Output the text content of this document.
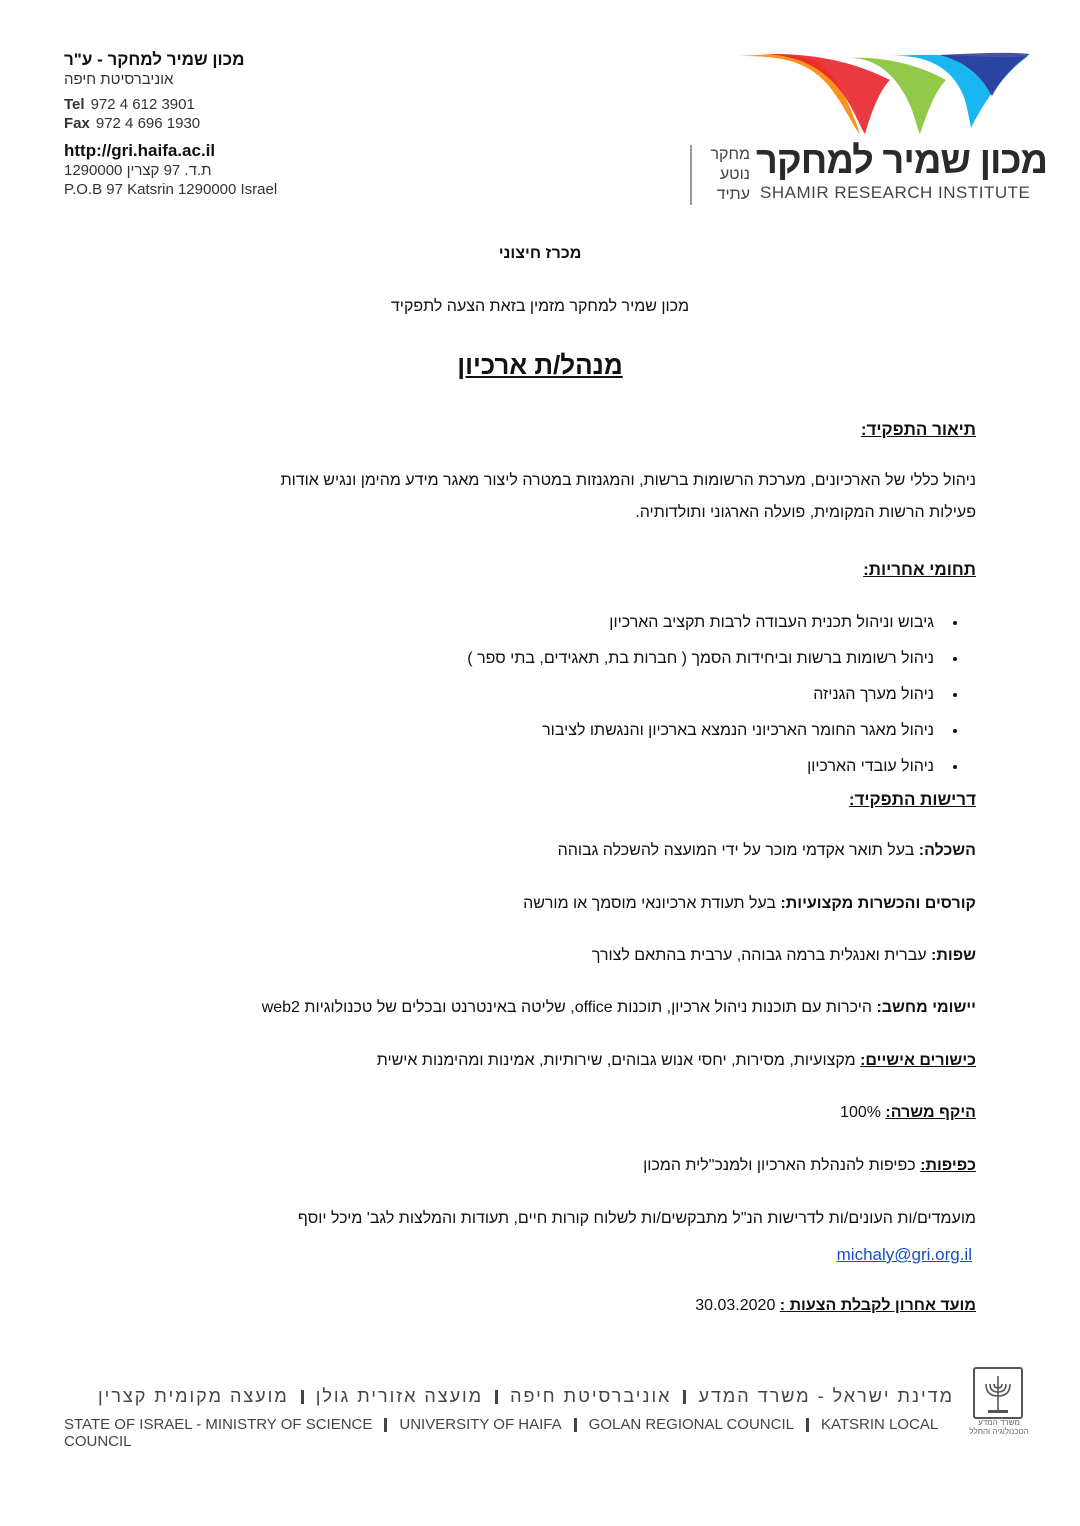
מכון שמיר למחקר - ע"ר
אוניברסיטת חיפה
Tel 972 4 612 3901
Fax 972 4 696 1930
http://gri.haifa.ac.il
ת.ד. 97 קצרין 1290000
P.O.B 97 Katsrin 1290000 Israel
מחקר
נוטע
עתיד
מכון שמיר למחקר
SHAMIR RESEARCH INSTITUTE
מכרז חיצוני
מכון שמיר למחקר מזמין בזאת הצעה לתפקיד
מנהל/ת ארכיון
תיאור התפקיד:
ניהול כללי של הארכיונים, מערכת הרשומות ברשות, והמגנזות במטרה ליצור מאגר מידע מהימן ונגיש אודות
פעילות הרשות המקומית, פועלה הארגוני ותולדותיה.
תחומי אחריות:
• גיבוש וניהול תכנית העבודה לרבות תקציב הארכיון
• ניהול רשומות ברשות וביחידות הסמך ( חברות בת, תאגידים, בתי ספר )
• ניהול מערך הגניזה
• ניהול מאגר החומר הארכיוני הנמצא בארכיון והנגשתו לציבור
• ניהול עובדי הארכיון
דרישות התפקיד:
השכלה: בעל תואר אקדמי מוכר על ידי המועצה להשכלה גבוהה
קורסים והכשרות מקצועיות: בעל תעודת ארכיונאי מוסמך או מורשה
שפות: עברית ואנגלית ברמה גבוהה, ערבית בהתאם לצורך
יישומי מחשב: היכרות עם תוכנות ניהול ארכיון, תוכנות office, שליטה באינטרנט ובכלים של טכנולוגיות web2
כישורים אישיים: מקצועיות, מסירות, יחסי אנוש גבוהים, שירותיות, אמינות ומהימנות אישית
היקף משרה: 100%
כפיפות: כפיפות להנהלת הארכיון ולמנכ"לית המכון
מועמדים/ות העונים/ות לדרישות הנ"ל מתבקשים/ות לשלוח קורות חיים, תעודות והמלצות לגב' מיכל יוסף
michaly@gri.org.il
מועד אחרון לקבלת הצעות : 30.03.2020
משרד המדע
הטכנולוגיה והחלל
מדינת ישראל - משרד המדעאוניברסיטת חיפהמועצה אזורית גולןמועצה מקומית קצרין
STATE OF ISRAEL - MINISTRY OF SCIENCE UNIVERSITY OF HAIFA GOLAN REGIONAL COUNCIL KATSRIN LOCAL COUNCIL
